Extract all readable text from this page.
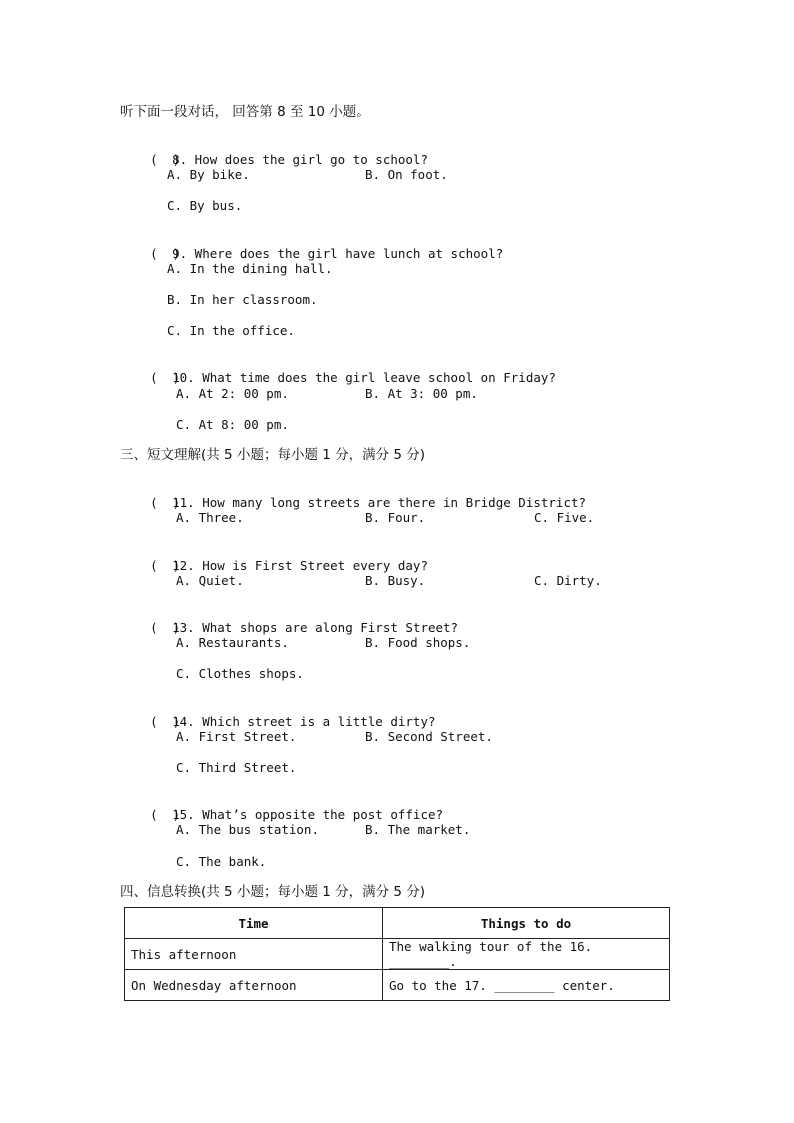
听下面一段对话， 回答第 8 至 10 小题。

(  )8. How does the girl go to school?

A. By bike.	B. On foot.
C. By bus.

(  )9. Where does the girl have lunch at school?

A. In the dining hall.
B. In her classroom.
C. In the office.

(  )10. What time does the girl leave school on Friday?

A. At 2: 00 pm.	B. At 3: 00 pm.
C. At 8: 00 pm.
三、短文理解(共 5 小题；每小题 1 分，满分 5 分)

(  )11. How many long streets are there in Bridge District?

A. Three.	B. Four.	C. Five.

(  )12. How is First Street every day?

A. Quiet.	B. Busy.	C. Dirty.

(  )13. What shops are along First Street?

A. Restaurants.	B. Food shops.
C. Clothes shops.

(  )14. Which street is a little dirty?

A. First Street.	B. Second Street.
C. Third Street.

(  )15. What’s opposite the post office?

A. The bus station.	B. The market.
C. The bank.
四、信息转换(共 5 小题；每小题 1 分，满分 5 分)
Time	Things to do
This afternoon	The walking tour of the 16. ________.
On Wednesday afternoon	Go to the 17. ________ center.
